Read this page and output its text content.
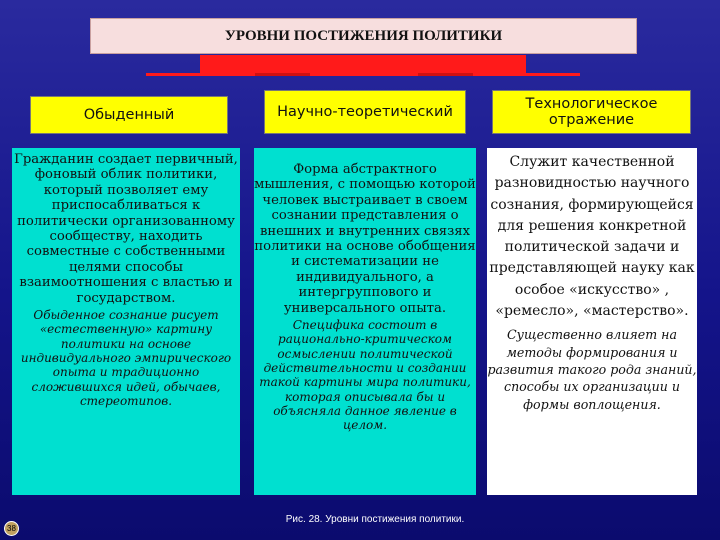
УРОВНИ ПОСТИЖЕНИЯ ПОЛИТИКИ
Обыденный	Научно-теоретический	Технологическое отражение

Гражданин создает первичный, фоновый облик политики, который позволяет ему приспосабливаться к политически организованному сообществу, находить совместные с собственными целями способы взаимоотношения с властью и государством.

Обыденное сознание рисует «естественную» картину политики на основе индивидуального эмпирического опыта и традиционно сложившихся идей, обычаев, стереотипов.

Форма абстрактного мышления, с помощью которой человек выстраивает в своем сознании представления о внешних и внутренних связях политики на основе обобщения и систематизации не индивидуального, а интергруппового и универсального опыта.

Специфика состоит в рационально-критическом осмыслении политической действительности и создании такой картины мира политики, которая описывала бы и объясняла данное явление в целом.

Служит качественной разновидностью научного сознания, формирующейся для решения конкретной политической задачи и представляющей науку как особое «искусство» , «ремесло», «мастерство».

Существенно влияет на методы формирования и развития такого рода знаний, способы их организации и формы воплощения.

Рис. 28. Уровни постижения политики.
38
